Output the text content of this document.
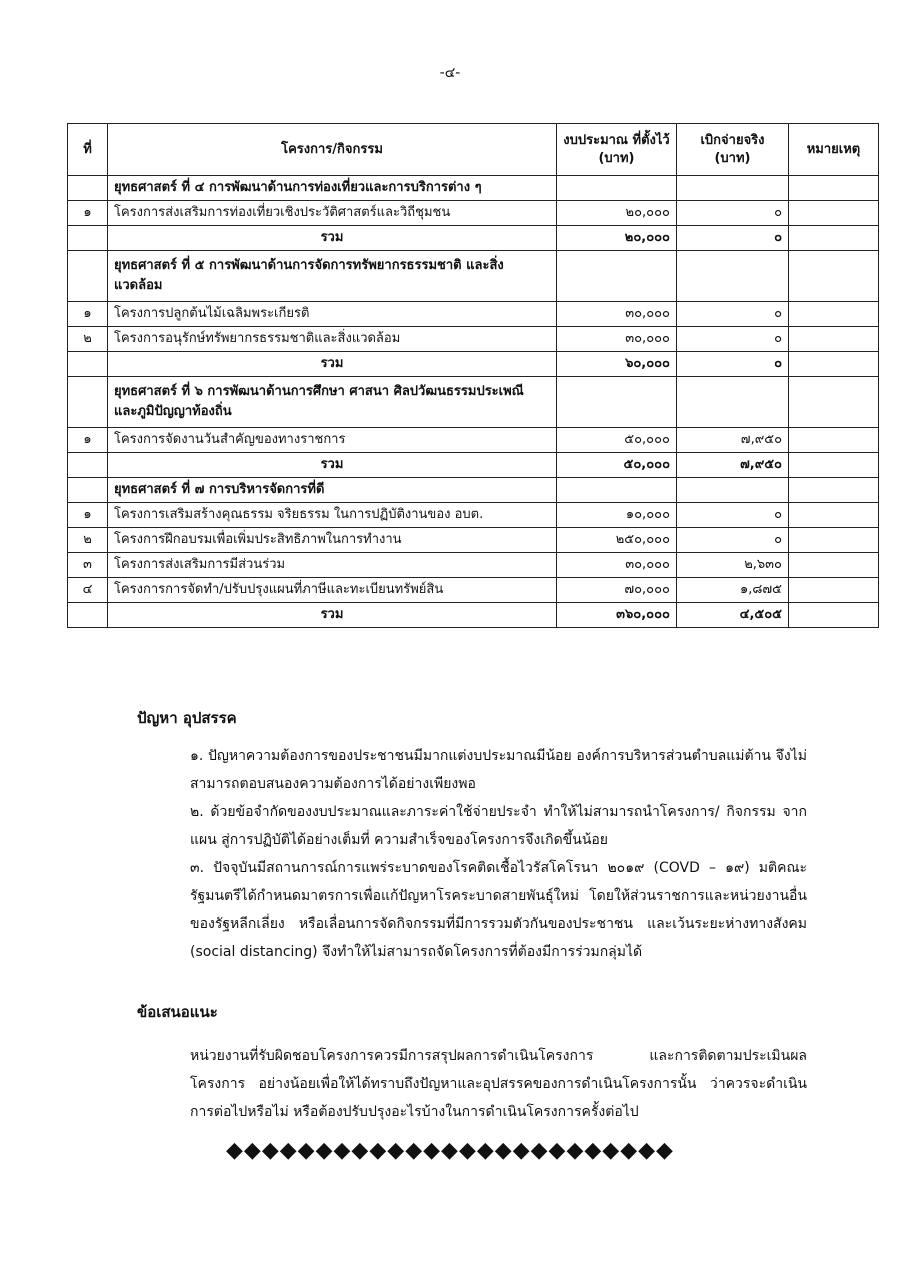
-๔-
ที่	โครงการ/กิจกรรม	งบประมาณ ที่ตั้งไว้ (บาท)	เบิกจ่ายจริง (บาท)	หมายเหตุ
	ยุทธศาสตร์ ที่ ๔ การพัฒนาด้านการท่องเที่ยวและการบริการต่าง ๆ			
๑	โครงการส่งเสริมการท่องเที่ยวเชิงประวัติศาสตร์และวิถีชุมชน	๒๐,๐๐๐	๐	
	รวม	๒๐,๐๐๐	๐	
	ยุทธศาสตร์ ที่ ๕ การพัฒนาด้านการจัดการทรัพยากรธรรมชาติ และสิ่งแวดล้อม			
๑	โครงการปลูกต้นไม้เฉลิมพระเกียรติ	๓๐,๐๐๐	๐	
๒	โครงการอนุรักษ์ทรัพยากรธรรมชาติและสิ่งแวดล้อม	๓๐,๐๐๐	๐	
	รวม	๖๐,๐๐๐	๐	
	ยุทธศาสตร์ ที่ ๖ การพัฒนาด้านการศึกษา ศาสนา ศิลปวัฒนธรรมประเพณี และภูมิปัญญาท้องถิ่น			
๑	โครงการจัดงานวันสำคัญของทางราชการ	๕๐,๐๐๐	๗,๙๕๐	
	รวม	๕๐,๐๐๐	๗,๙๕๐	
	ยุทธศาสตร์ ที่ ๗ การบริหารจัดการที่ดี			
๑	โครงการเสริมสร้างคุณธรรม จริยธรรม ในการปฏิบัติงานของ อบต.	๑๐,๐๐๐	๐	
๒	โครงการฝึกอบรมเพื่อเพิ่มประสิทธิภาพในการทำงาน	๒๕๐,๐๐๐	๐	
๓	โครงการส่งเสริมการมีส่วนร่วม	๓๐,๐๐๐	๒,๖๓๐	
๔	โครงการการจัดทำ/ปรับปรุงแผนที่ภาษีและทะเบียนทรัพย์สิน	๗๐,๐๐๐	๑,๘๗๕	
	รวม	๓๖๐,๐๐๐	๔,๕๐๕	
ปัญหา อุปสรรค
๑. ปัญหาความต้องการของประชาชนมีมากแต่งบประมาณมีน้อย องค์การบริหารส่วนตำบลแม่ต้าน จึงไม่สามารถตอบสนองความต้องการได้อย่างเพียงพอ
๒. ด้วยข้อจำกัดของงบประมาณและภาระค่าใช้จ่ายประจำ ทำให้ไม่สามารถนำโครงการ/ กิจกรรม จากแผน สู่การปฏิบัติได้อย่างเต็มที่ ความสำเร็จของโครงการจึงเกิดขึ้นน้อย
๓. ปัจจุบันมีสถานการณ์การแพร่ระบาดของโรคติดเชื้อไวรัสโคโรนา ๒๐๑๙ (COVD – ๑๙) มติคณะรัฐมนตรีได้กำหนดมาตรการเพื่อแก้ปัญหาโรคระบาดสายพันธุ์ใหม่ โดยให้ส่วนราชการและหน่วยงานอื่นของรัฐหลีกเลี่ยง หรือเลื่อนการจัดกิจกรรมที่มีการรวมตัวกันของประชาชน และเว้นระยะห่างทางสังคม (social distancing) จึงทำให้ไม่สามารถจัดโครงการที่ต้องมีการร่วมกลุ่มได้
ข้อเสนอแนะ
หน่วยงานที่รับผิดชอบโครงการควรมีการสรุปผลการดำเนินโครงการ และการติดตามประเมินผลโครงการ อย่างน้อยเพื่อให้ได้ทราบถึงปัญหาและอุปสรรคของการดำเนินโครงการนั้น ว่าควรจะดำเนินการต่อไปหรือไม่ หรือต้องปรับปรุงอะไรบ้างในการดำเนินโครงการครั้งต่อไป
◆◆◆◆◆◆◆◆◆◆◆◆◆◆◆◆◆◆◆◆◆◆◆◆◆
